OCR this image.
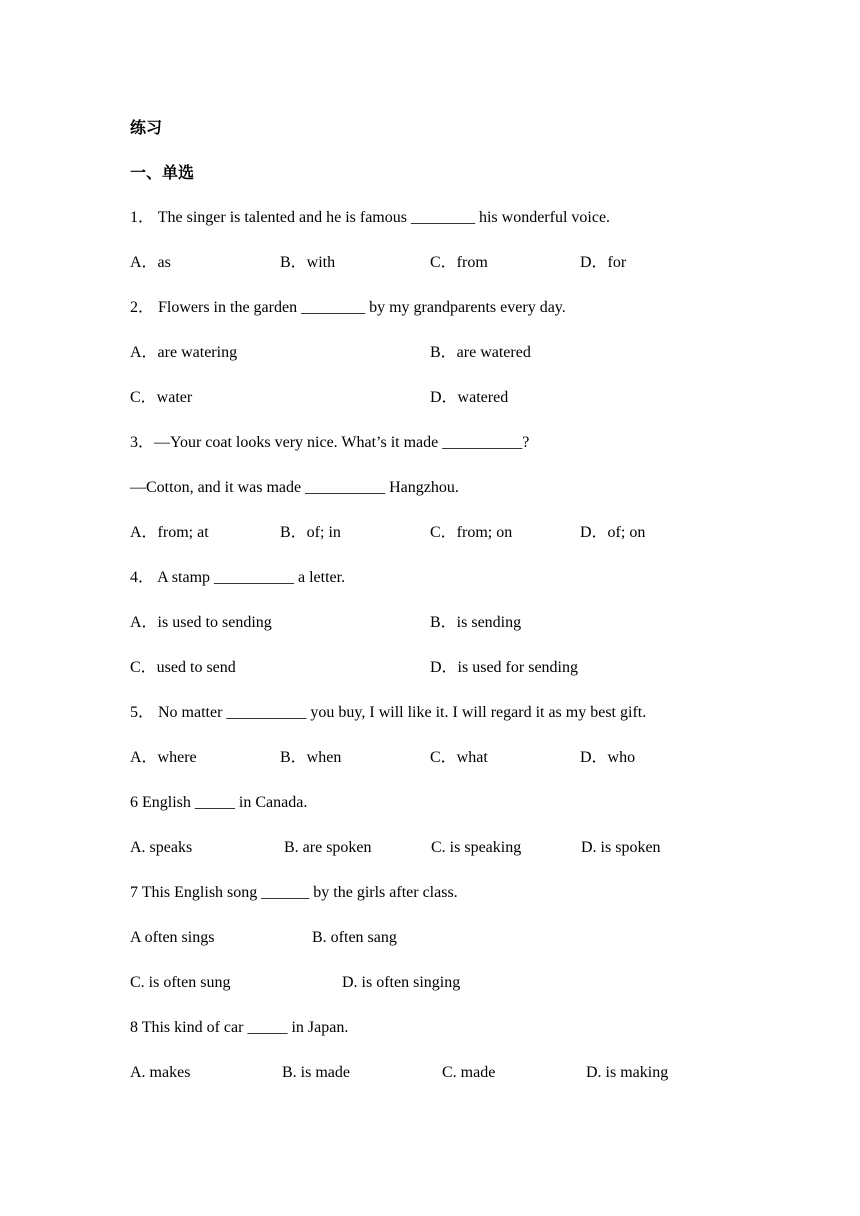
练习
一、单选
1． The singer is talented and he is famous ________ his wonderful voice.
A．as	B．with	C．from	D．for
2． Flowers in the garden ________ by my grandparents every day.
A．are watering	B．are watered
C．water	D．watered
3．—Your coat looks very nice. What’s it made __________?
—Cotton, and it was made __________ Hangzhou.
A．from; at	B．of; in	C．from; on	D．of; on
4． A stamp __________ a letter.
A．is used to sending	B．is sending
C．used to send	D．is used for sending
5． No matter __________ you buy, I will like it. I will regard it as my best gift.
A．where	B．when	C．what	D．who
6 English _____ in Canada.
A. speaks	B. are spoken	C. is speaking	D. is spoken
7 This English song ______ by the girls after class.
A often sings	B. often sang
C. is often sung	D. is often singing
8 This kind of car _____ in Japan.
A. makes	B. is made	C. made	D. is making
